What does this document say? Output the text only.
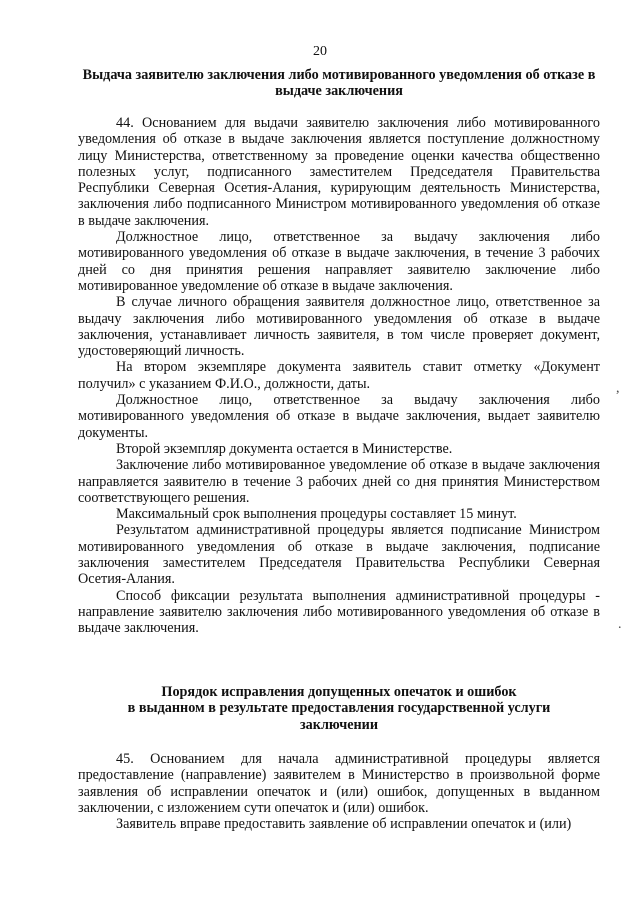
20
Выдача заявителю заключения либо мотивированного уведомления об отказе в выдаче заключения

44. Основанием для выдачи заявителю заключения либо мотивированного уведомления об отказе в выдаче заключения является поступление должностному лицу Министерства, ответственному за проведение оценки качества общественно полезных услуг, подписанного заместителем Председателя Правительства Республики Северная Осетия-Алания, курирующим деятельность Министерства, заключения либо подписанного Министром мотивированного уведомления об отказе в выдаче заключения.

Должностное лицо, ответственное за выдачу заключения либо мотивированного уведомления об отказе в выдаче заключения, в течение 3 рабочих дней со дня принятия решения направляет заявителю заключение либо мотивированное уведомление об отказе в выдаче заключения.

В случае личного обращения заявителя должностное лицо, ответственное за выдачу заключения либо мотивированного уведомления об отказе в выдаче заключения, устанавливает личность заявителя, в том числе проверяет документ, удостоверяющий личность.

На втором экземпляре документа заявитель ставит отметку «Документ получил» с указанием Ф.И.О., должности, даты.

Должностное лицо, ответственное за выдачу заключения либо мотивированного уведомления об отказе в выдаче заключения, выдает заявителю документы.

Второй экземпляр документа остается в Министерстве.

Заключение либо мотивированное уведомление об отказе в выдаче заключения направляется заявителю в течение 3 рабочих дней со дня принятия Министерством соответствующего решения.

Максимальный срок выполнения процедуры составляет 15 минут.

Результатом административной процедуры является подписание Министром мотивированного уведомления об отказе в выдаче заключения, подписание заключения заместителем Председателя Правительства Республики Северная Осетия-Алания.

Способ фиксации результата выполнения административной процедуры - направление заявителю заключения либо мотивированного уведомления об отказе в выдаче заключения.

Порядок исправления допущенных опечаток и ошибок
в выданном в результате предоставления государственной услуги
заключении

45. Основанием для начала административной процедуры является предоставление (направление) заявителем в Министерство в произвольной форме заявления об исправлении опечаток и (или) ошибок, допущенных в выданном заключении, с изложением сути опечаток и (или) ошибок.

Заявитель вправе предоставить заявление об исправлении опечаток и (или)

,
.
